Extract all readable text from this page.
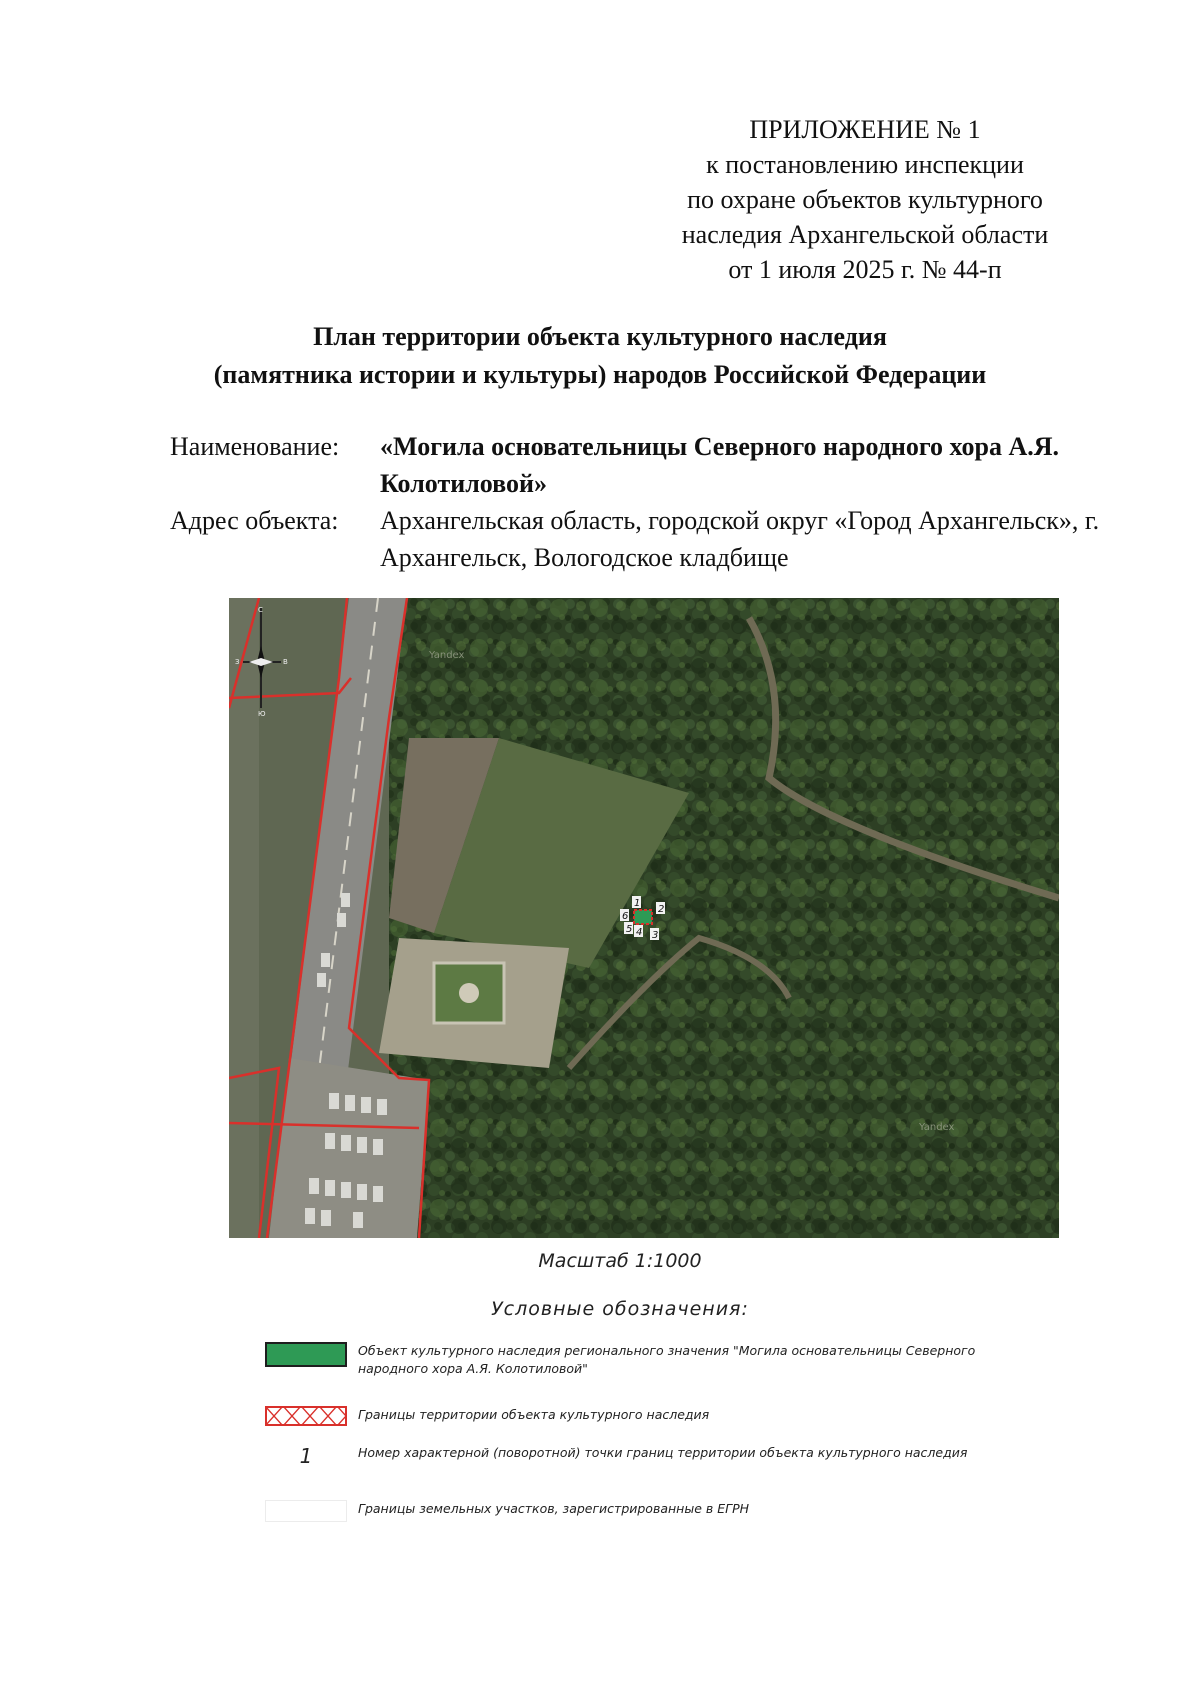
ПРИЛОЖЕНИЕ № 1
к постановлению инспекции
по охране объектов культурного
наследия Архангельской области
от 1 июля 2025 г. № 44-п
План территории объекта культурного наследия
(памятника истории и культуры) народов Российской Федерации
Наименование:	«Могила основательницы Северного народного хора А.Я. Колотиловой»
Адрес объекта:	Архангельская область, городской округ «Город Архангельск», г. Архангельск, Вологодское кладбище
1
2
3
4
5
6
С
Ю
З	В
Yandex
Yandex
Масштаб 1:1000
Условные обозначения:
Объект культурного наследия регионального значения "Могила основательницы Северного народного хора А.Я. Колотиловой"
Границы территории объекта культурного наследия
1	Номер характерной (поворотной) точки границ территории объекта культурного наследия
Границы земельных участков, зарегистрированные в ЕГРН
